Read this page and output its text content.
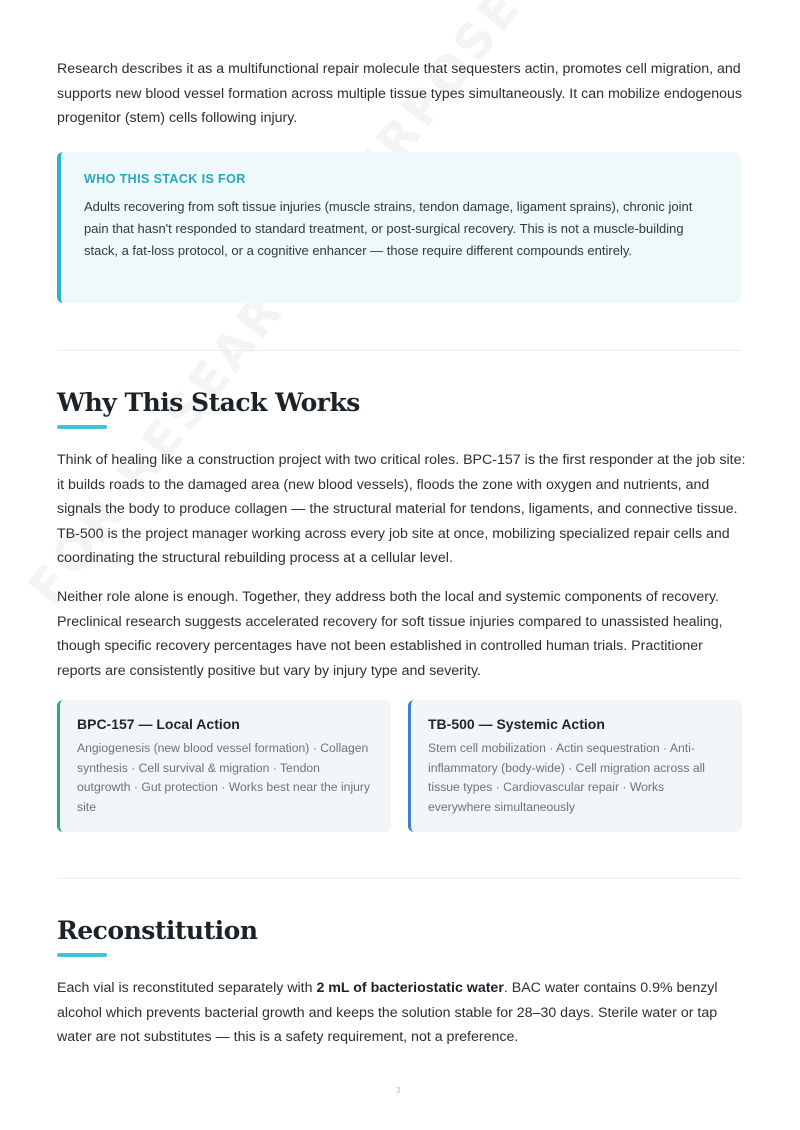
Research describes it as a multifunctional repair molecule that sequesters actin, promotes cell migration, and supports new blood vessel formation across multiple tissue types simultaneously. It can mobilize endogenous progenitor (stem) cells following injury.

WHO THIS STACK IS FOR

Adults recovering from soft tissue injuries (muscle strains, tendon damage, ligament sprains), chronic joint pain that hasn't responded to standard treatment, or post-surgical recovery. This is not a muscle-building stack, a fat-loss protocol, or a cognitive enhancer — those require different compounds entirely.

Why This Stack Works

Think of healing like a construction project with two critical roles. BPC-157 is the first responder at the job site: it builds roads to the damaged area (new blood vessels), floods the zone with oxygen and nutrients, and signals the body to produce collagen — the structural material for tendons, ligaments, and connective tissue. TB-500 is the project manager working across every job site at once, mobilizing specialized repair cells and coordinating the structural rebuilding process at a cellular level.

Neither role alone is enough. Together, they address both the local and systemic components of recovery. Preclinical research suggests accelerated recovery for soft tissue injuries compared to unassisted healing, though specific recovery percentages have not been established in controlled human trials. Practitioner reports are consistently positive but vary by injury type and severity.

BPC-157 — Local Action

Angiogenesis (new blood vessel formation) · Collagen synthesis · Cell survival & migration · Tendon outgrowth · Gut protection · Works best near the injury site

TB-500 — Systemic Action

Stem cell mobilization · Actin sequestration · Anti-inflammatory (body-wide) · Cell migration across all tissue types · Cardiovascular repair · Works everywhere simultaneously

Reconstitution

Each vial is reconstituted separately with 2 mL of bacteriostatic water. BAC water contains 0.9% benzyl alcohol which prevents bacterial growth and keeps the solution stable for 28–30 days. Sterile water or tap water are not substitutes — this is a safety requirement, not a preference.

3
